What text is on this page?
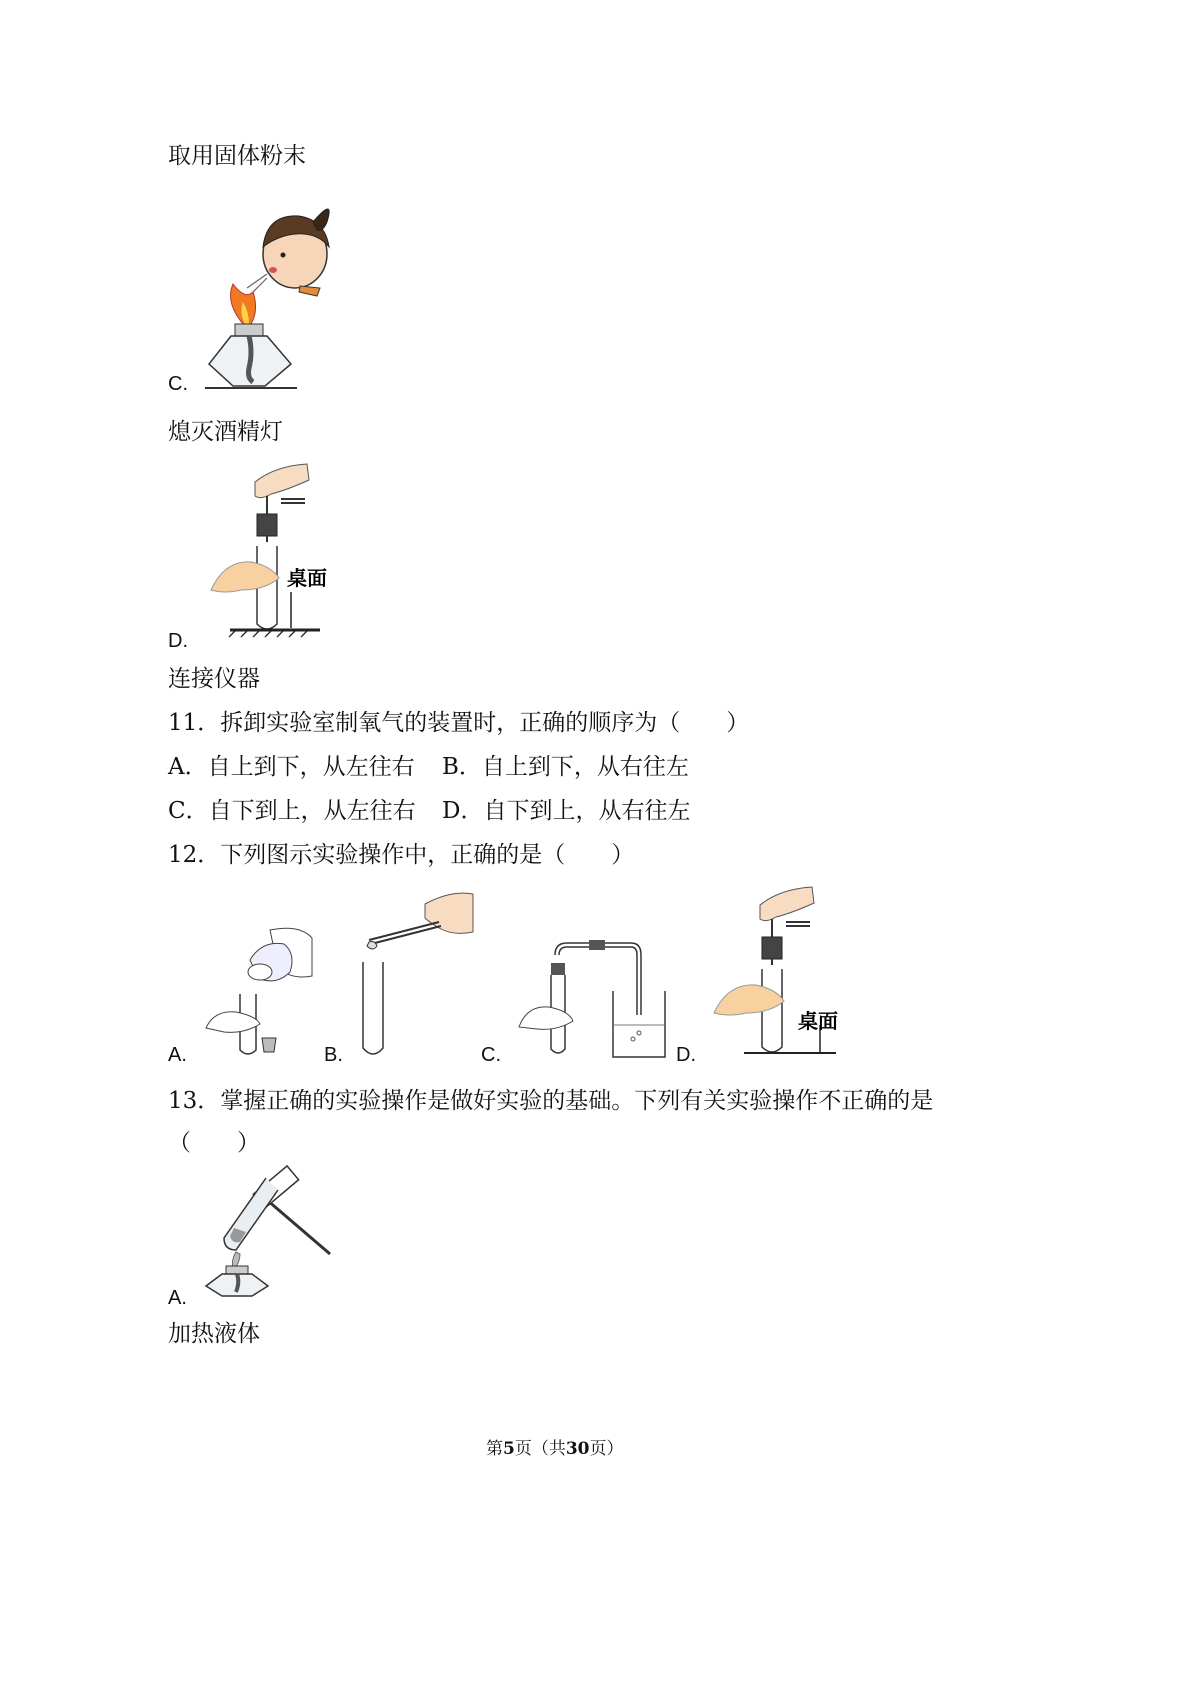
取用固体粉末
C.
熄灭酒精灯
桌面
D.
连接仪器
11．拆卸实验室制氧气的装置时，正确的顺序为（　　）
A．自上到下，从左往右 B．自上到下，从右往左
C．自下到上，从左往右 D．自下到上，从右往左
12．下列图示实验操作中，正确的是（　　）
A.	B.	C.
桌面
D.
13．掌握正确的实验操作是做好实验的基础。下列有关实验操作不正确的是
（　　）
A.
加热液体
第5页（共30页）
